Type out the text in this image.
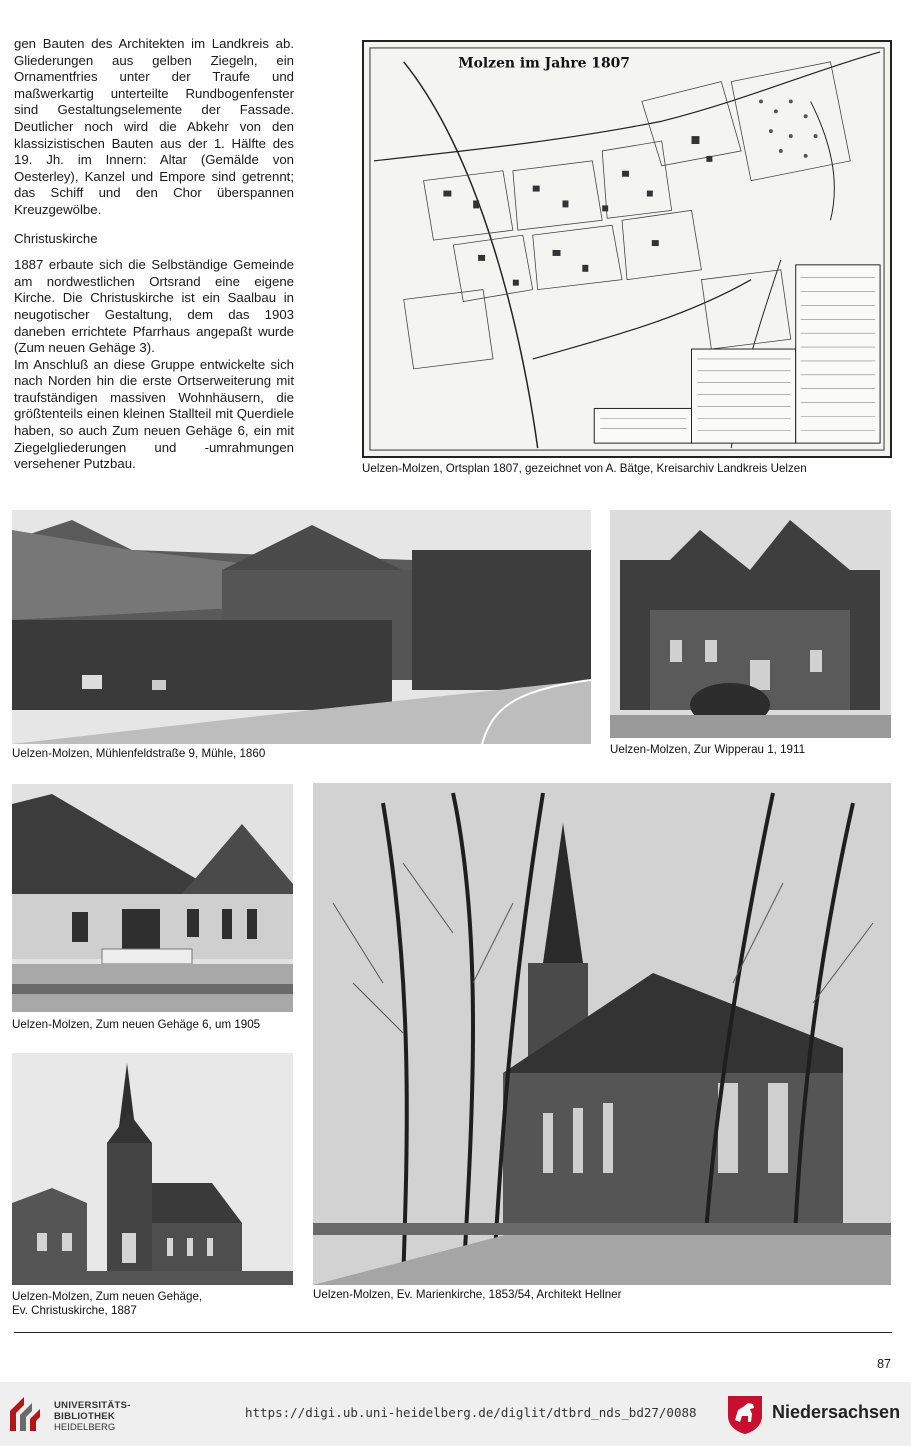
gen Bauten des Architekten im Landkreis ab. Gliederungen aus gelben Ziegeln, ein Ornamentfries unter der Traufe und maßwerkartig unterteilte Rundbogenfenster sind Gestaltungselemente der Fassade. Deutlicher noch wird die Abkehr von den klassizistischen Bauten aus der 1. Hälfte des 19. Jh. im Innern: Altar (Gemälde von Oesterley), Kanzel und Empore sind getrennt; das Schiff und den Chor überspannen Kreuzgewölbe.

Christuskirche

1887 erbaute sich die Selbständige Gemeinde am nordwestlichen Ortsrand eine eigene Kirche. Die Christuskirche ist ein Saalbau in neugotischer Gestaltung, dem das 1903 daneben errichtete Pfarrhaus angepaßt wurde (Zum neuen Gehäge 3).

Im Anschluß an diese Gruppe entwickelte sich nach Norden hin die erste Ortserweiterung mit traufständigen massiven Wohnhäusern, die größtenteils einen kleinen Stallteil mit Querdiele haben, so auch Zum neuen Gehäge 6, ein mit Ziegelgliederungen und -umrahmungen versehener Putzbau.

Molzen im Jahre 1807
Uelzen-Molzen, Ortsplan 1807, gezeichnet von A. Bätge, Kreisarchiv Landkreis Uelzen
Uelzen-Molzen, Mühlenfeldstraße 9, Mühle, 1860	Uelzen-Molzen, Zur Wipperau 1, 1911
Uelzen-Molzen, Zum neuen Gehäge 6, um 1905
Uelzen-Molzen, Zum neuen Gehäge,
Ev. Christuskirche, 1887
Uelzen-Molzen, Ev. Marienkirche, 1853/54, Architekt Hellner
87
UNIVERSITÄTS-
BIBLIOTHEK
HEIDELBERG
https://digi.ub.uni-heidelberg.de/diglit/dtbrd_nds_bd27/0088	Niedersachsen
